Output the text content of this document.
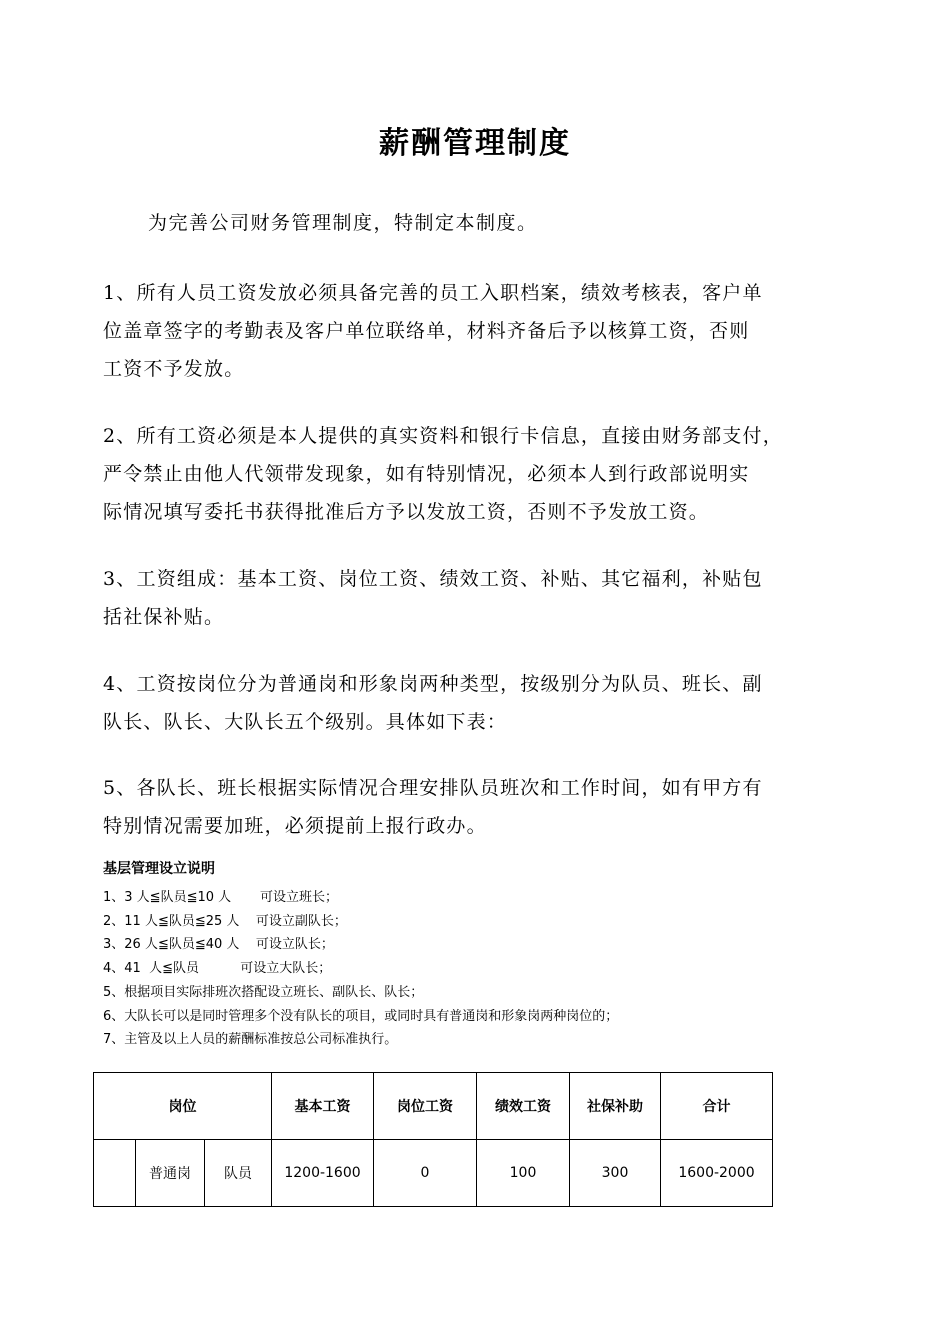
薪酬管理制度
为完善公司财务管理制度，特制定本制度。
1、所有人员工资发放必须具备完善的员工入职档案，绩效考核表，客户单
位盖章签字的考勤表及客户单位联络单，材料齐备后予以核算工资，否则
工资不予发放。
2、所有工资必须是本人提供的真实资料和银行卡信息，直接由财务部支付，
严令禁止由他人代领带发现象，如有特别情况，必须本人到行政部说明实
际情况填写委托书获得批准后方予以发放工资，否则不予发放工资。
3、工资组成：基本工资、岗位工资、绩效工资、补贴、其它福利，补贴包
括社保补贴。
4、工资按岗位分为普通岗和形象岗两种类型，按级别分为队员、班长、副
队长、队长、大队长五个级别。具体如下表：
5、各队长、班长根据实际情况合理安排队员班次和工作时间，如有甲方有
特别情况需要加班，必须提前上报行政办。
基层管理设立说明
1、3 人≦队员≦10 人       可设立班长；
2、11 人≦队员≦25 人    可设立副队长；
3、26 人≦队员≦40 人    可设立队长；
4、41  人≦队员          可设立大队长；
5、根据项目实际排班次搭配设立班长、副队长、队长；
6、大队长可以是同时管理多个没有队长的项目，或同时具有普通岗和形象岗两种岗位的；
7、主管及以上人员的薪酬标准按总公司标准执行。
岗位			基本工资	岗位工资	绩效工资	社保补助	合计
	普通岗	队员	1200-1600	0	100	300	1600-2000
